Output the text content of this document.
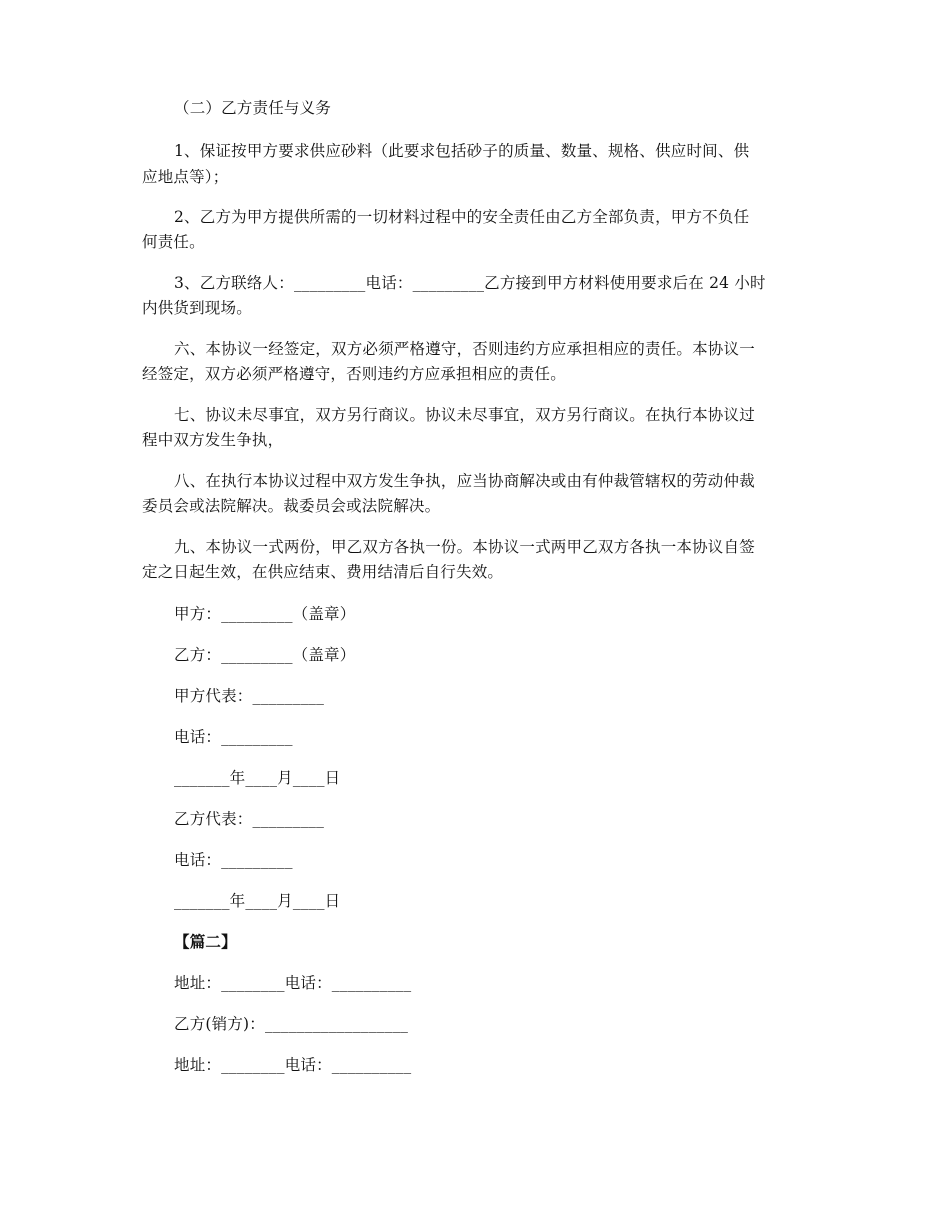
（二）乙方责任与义务
1、保证按甲方要求供应砂料（此要求包括砂子的质量、数量、规格、供应时间、供
应地点等）；
2、乙方为甲方提供所需的一切材料过程中的安全责任由乙方全部负责，甲方不负任
何责任。
3、乙方联络人：_________电话：_________乙方接到甲方材料使用要求后在 24 小时
内供货到现场。
六、本协议一经签定，双方必须严格遵守，否则违约方应承担相应的责任。本协议一
经签定，双方必须严格遵守，否则违约方应承担相应的责任。
七、协议未尽事宜，双方另行商议。协议未尽事宜，双方另行商议。在执行本协议过
程中双方发生争执，
八、在执行本协议过程中双方发生争执，应当协商解决或由有仲裁管辖权的劳动仲裁
委员会或法院解决。裁委员会或法院解决。
九、本协议一式两份，甲乙双方各执一份。本协议一式两甲乙双方各执一本协议自签
定之日起生效，在供应结束、费用结清后自行失效。
甲方：_________（盖章）
乙方：_________（盖章）
甲方代表：_________
电话：_________
_______年____月____日
乙方代表：_________
电话：_________
_______年____月____日
【篇二】
地址：________电话：__________
乙方(销方)：__________________
地址：________电话：__________
